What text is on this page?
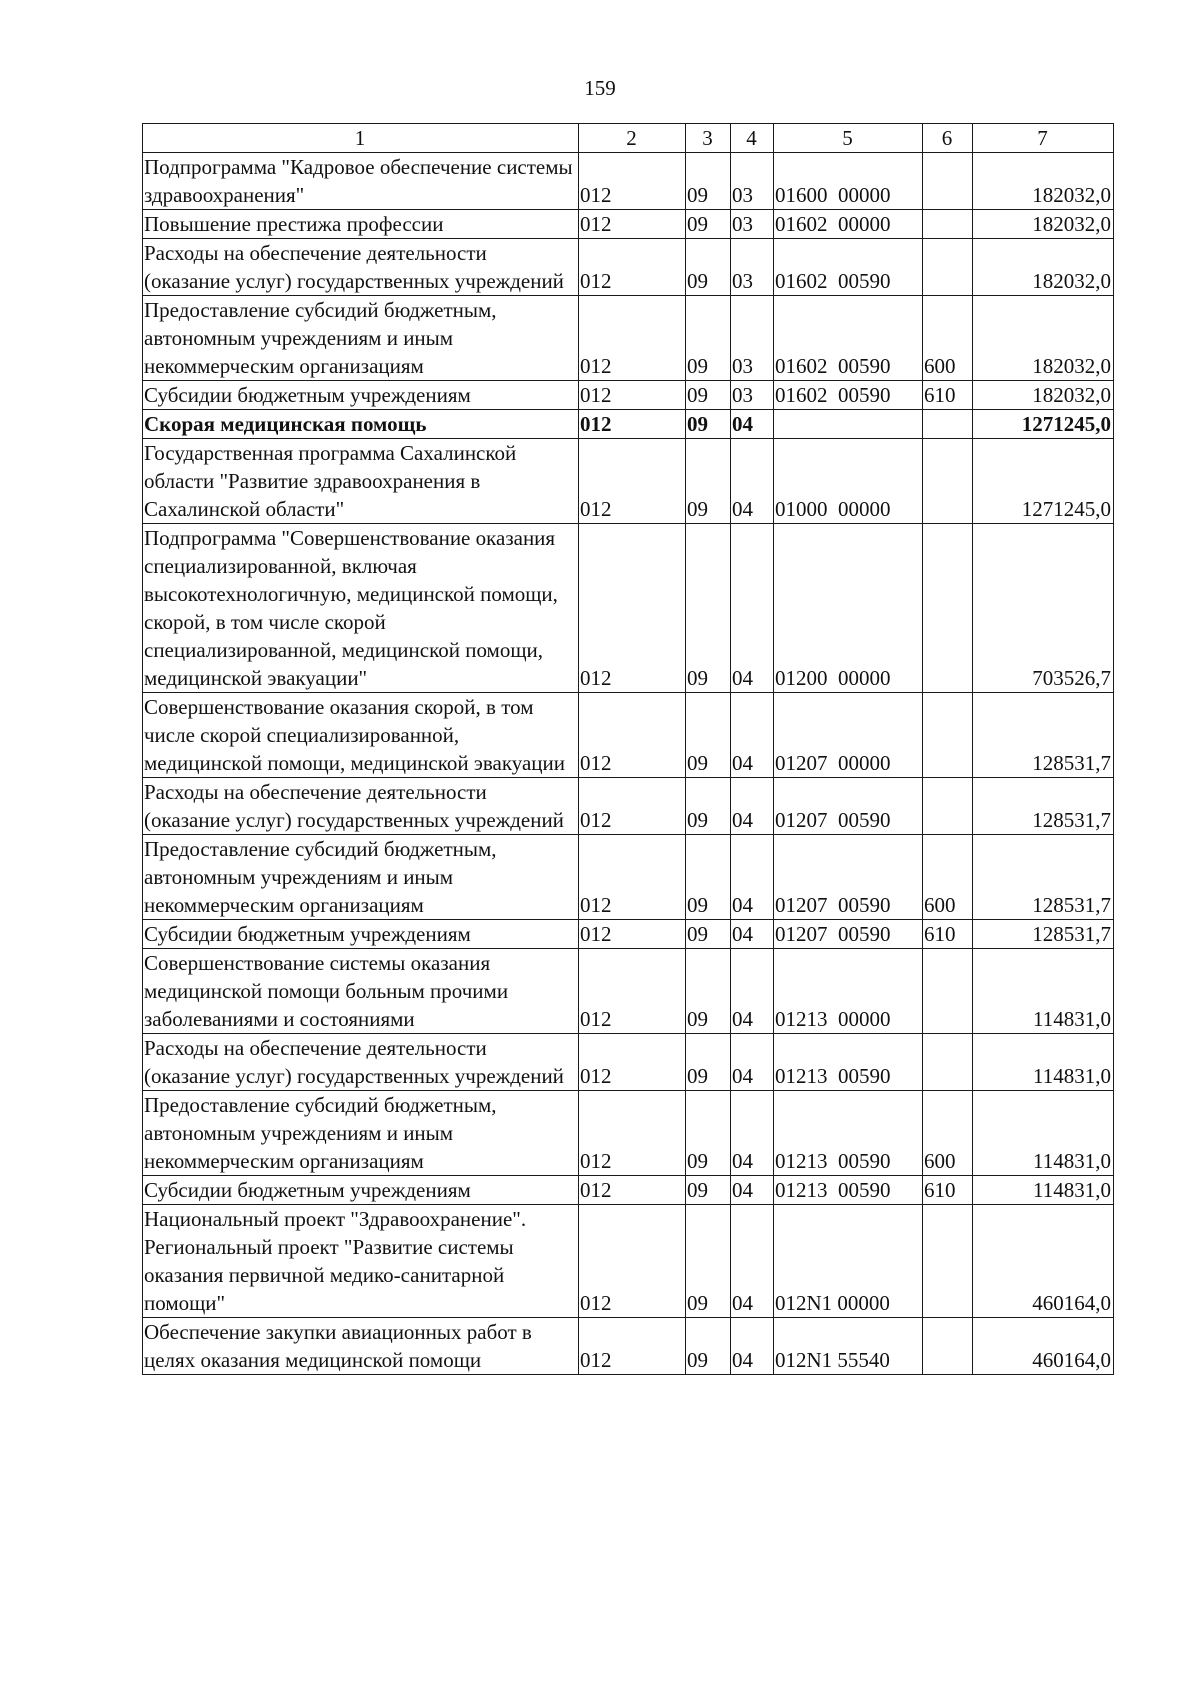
159
1	2	3	4	5	6	7
Подпрограмма "Кадровое обеспечение системы здравоохранения"	012	09	03	01600  00000		182032,0
Повышение престижа профессии	012	09	03	01602  00000		182032,0
Расходы на обеспечение деятельности (оказание услуг) государственных учреждений	012	09	03	01602  00590		182032,0
Предоставление субсидий бюджетным, автономным учреждениям и иным некоммерческим организациям	012	09	03	01602  00590	600	182032,0
Субсидии бюджетным учреждениям	012	09	03	01602  00590	610	182032,0
Скорая медицинская помощь	012	09	04			1271245,0
Государственная программа Сахалинской области "Развитие здравоохранения в Сахалинской области"	012	09	04	01000  00000		1271245,0
Подпрограмма "Совершенствование оказания специализированной, включая высокотехнологичную, медицинской помощи, скорой, в том числе скорой специализированной, медицинской помощи, медицинской эвакуации"	012	09	04	01200  00000		703526,7
Совершенствование оказания скорой, в том числе скорой специализированной, медицинской помощи, медицинской эвакуации	012	09	04	01207  00000		128531,7
Расходы на обеспечение деятельности (оказание услуг) государственных учреждений	012	09	04	01207  00590		128531,7
Предоставление субсидий бюджетным, автономным учреждениям и иным некоммерческим организациям	012	09	04	01207  00590	600	128531,7
Субсидии бюджетным учреждениям	012	09	04	01207  00590	610	128531,7
Совершенствование системы оказания медицинской помощи больным прочими заболеваниями и состояниями	012	09	04	01213  00000		114831,0
Расходы на обеспечение деятельности (оказание услуг) государственных учреждений	012	09	04	01213  00590		114831,0
Предоставление субсидий бюджетным, автономным учреждениям и иным некоммерческим организациям	012	09	04	01213  00590	600	114831,0
Субсидии бюджетным учреждениям	012	09	04	01213  00590	610	114831,0
Национальный проект "Здравоохранение". Региональный проект "Развитие системы оказания первичной медико-санитарной помощи"	012	09	04	012N1 00000		460164,0
Обеспечение закупки авиационных работ в целях оказания медицинской помощи	012	09	04	012N1 55540		460164,0
